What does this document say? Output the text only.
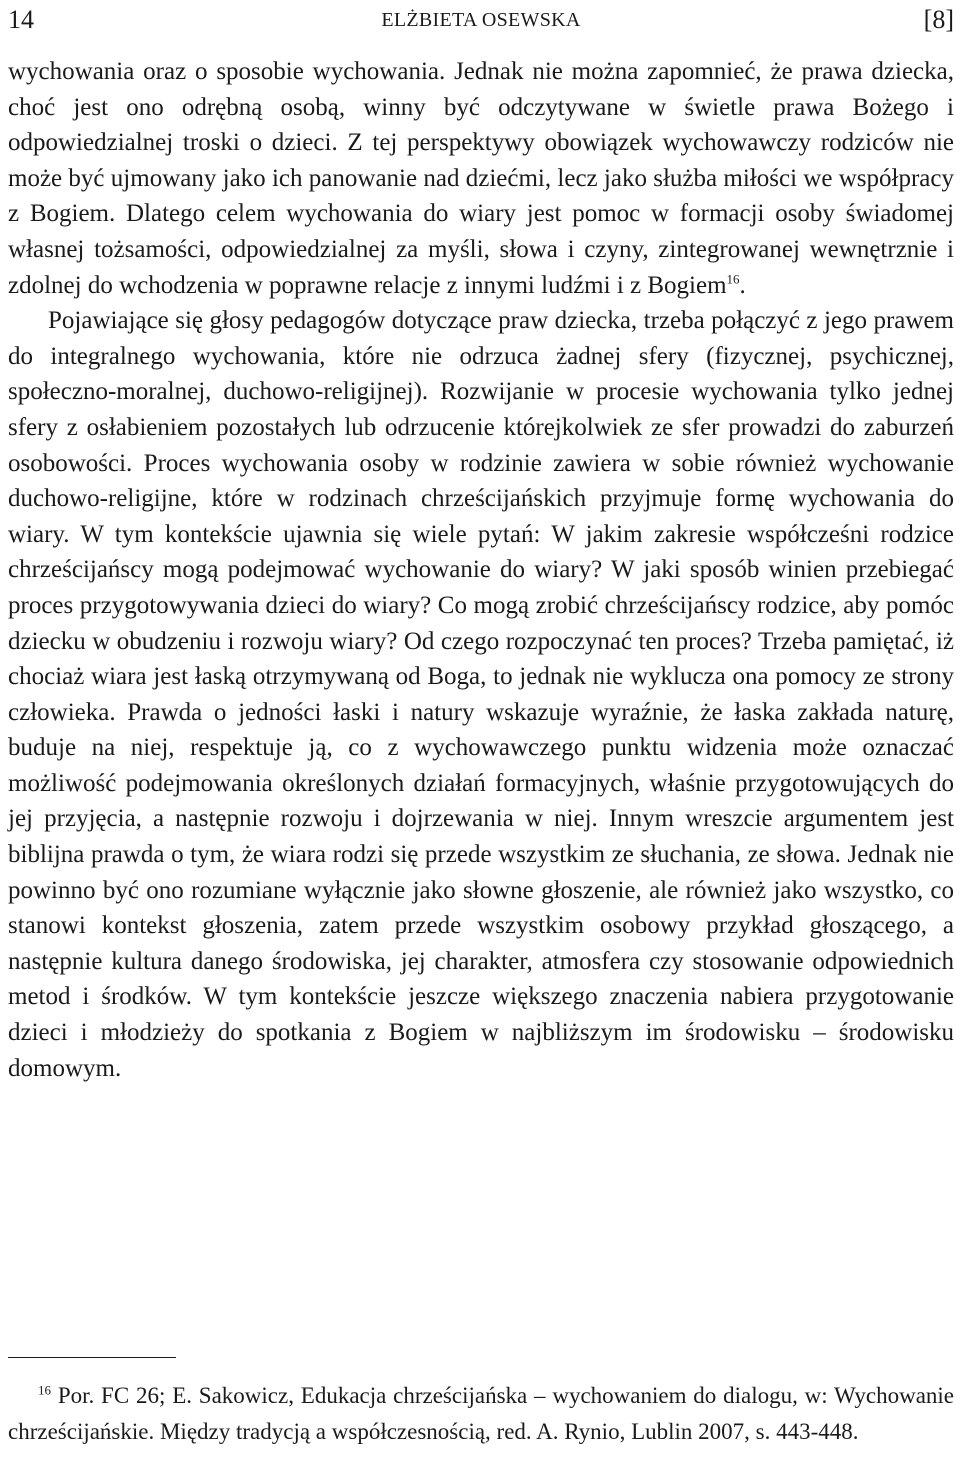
14	ELŻBIETA OSEWSKA	[8]

wychowania oraz o sposobie wychowania. Jednak nie można zapomnieć, że prawa dziecka, choć jest ono odrębną osobą, winny być odczytywane w świetle prawa Bożego i odpowiedzialnej troski o dzieci. Z tej perspektywy obowiązek wychowawczy rodziców nie może być ujmowany jako ich panowanie nad dziećmi, lecz jako służba miłości we współpracy z Bogiem. Dlatego celem wychowania do wiary jest pomoc w formacji osoby świadomej własnej tożsamości, odpowiedzialnej za myśli, słowa i czyny, zintegrowanej wewnętrznie i zdolnej do wchodzenia w poprawne relacje z innymi ludźmi i z Bogiem$^{16}$.

Pojawiające się głosy pedagogów dotyczące praw dziecka, trzeba połączyć z jego prawem do integralnego wychowania, które nie odrzuca żadnej sfery (fizycznej, psychicznej, społeczno-moralnej, duchowo-religijnej). Rozwijanie w procesie wychowania tylko jednej sfery z osłabieniem pozostałych lub odrzucenie którejkolwiek ze sfer prowadzi do zaburzeń osobowości. Proces wychowania osoby w rodzinie zawiera w sobie również wychowanie duchowo-religijne, które w rodzinach chrześcijańskich przyjmuje formę wychowania do wiary. W tym kontekście ujawnia się wiele pytań: W jakim zakresie współcześni rodzice chrześcijańscy mogą podejmować wychowanie do wiary? W jaki sposób winien przebiegać proces przygotowywania dzieci do wiary? Co mogą zrobić chrześcijańscy rodzice, aby pomóc dziecku w obudzeniu i rozwoju wiary? Od czego rozpoczynać ten proces? Trzeba pamiętać, iż chociaż wiara jest łaską otrzymywaną od Boga, to jednak nie wyklucza ona pomocy ze strony człowieka. Prawda o jedności łaski i natury wskazuje wyraźnie, że łaska zakłada naturę, buduje na niej, respektuje ją, co z wychowawczego punktu widzenia może oznaczać możliwość podejmowania określonych działań formacyjnych, właśnie przygotowujących do jej przyjęcia, a następnie rozwoju i dojrzewania w niej. Innym wreszcie argumentem jest biblijna prawda o tym, że wiara rodzi się przede wszystkim ze słuchania, ze słowa. Jednak nie powinno być ono rozumiane wyłącznie jako słowne głoszenie, ale również jako wszystko, co stanowi kontekst głoszenia, zatem przede wszystkim osobowy przykład głoszącego, a następnie kultura danego środowiska, jej charakter, atmosfera czy stosowanie odpowiednich metod i środków. W tym kontekście jeszcze większego znaczenia nabiera przygotowanie dzieci i młodzieży do spotkania z Bogiem w najbliższym im środowisku – środowisku domowym.

$^{16}$ Por. FC 26; E. Sakowicz, Edukacja chrześcijańska – wychowaniem do dialogu, w: Wychowanie chrześcijańskie. Między tradycją a współczesnością, red. A. Rynio, Lublin 2007, s. 443-448.
